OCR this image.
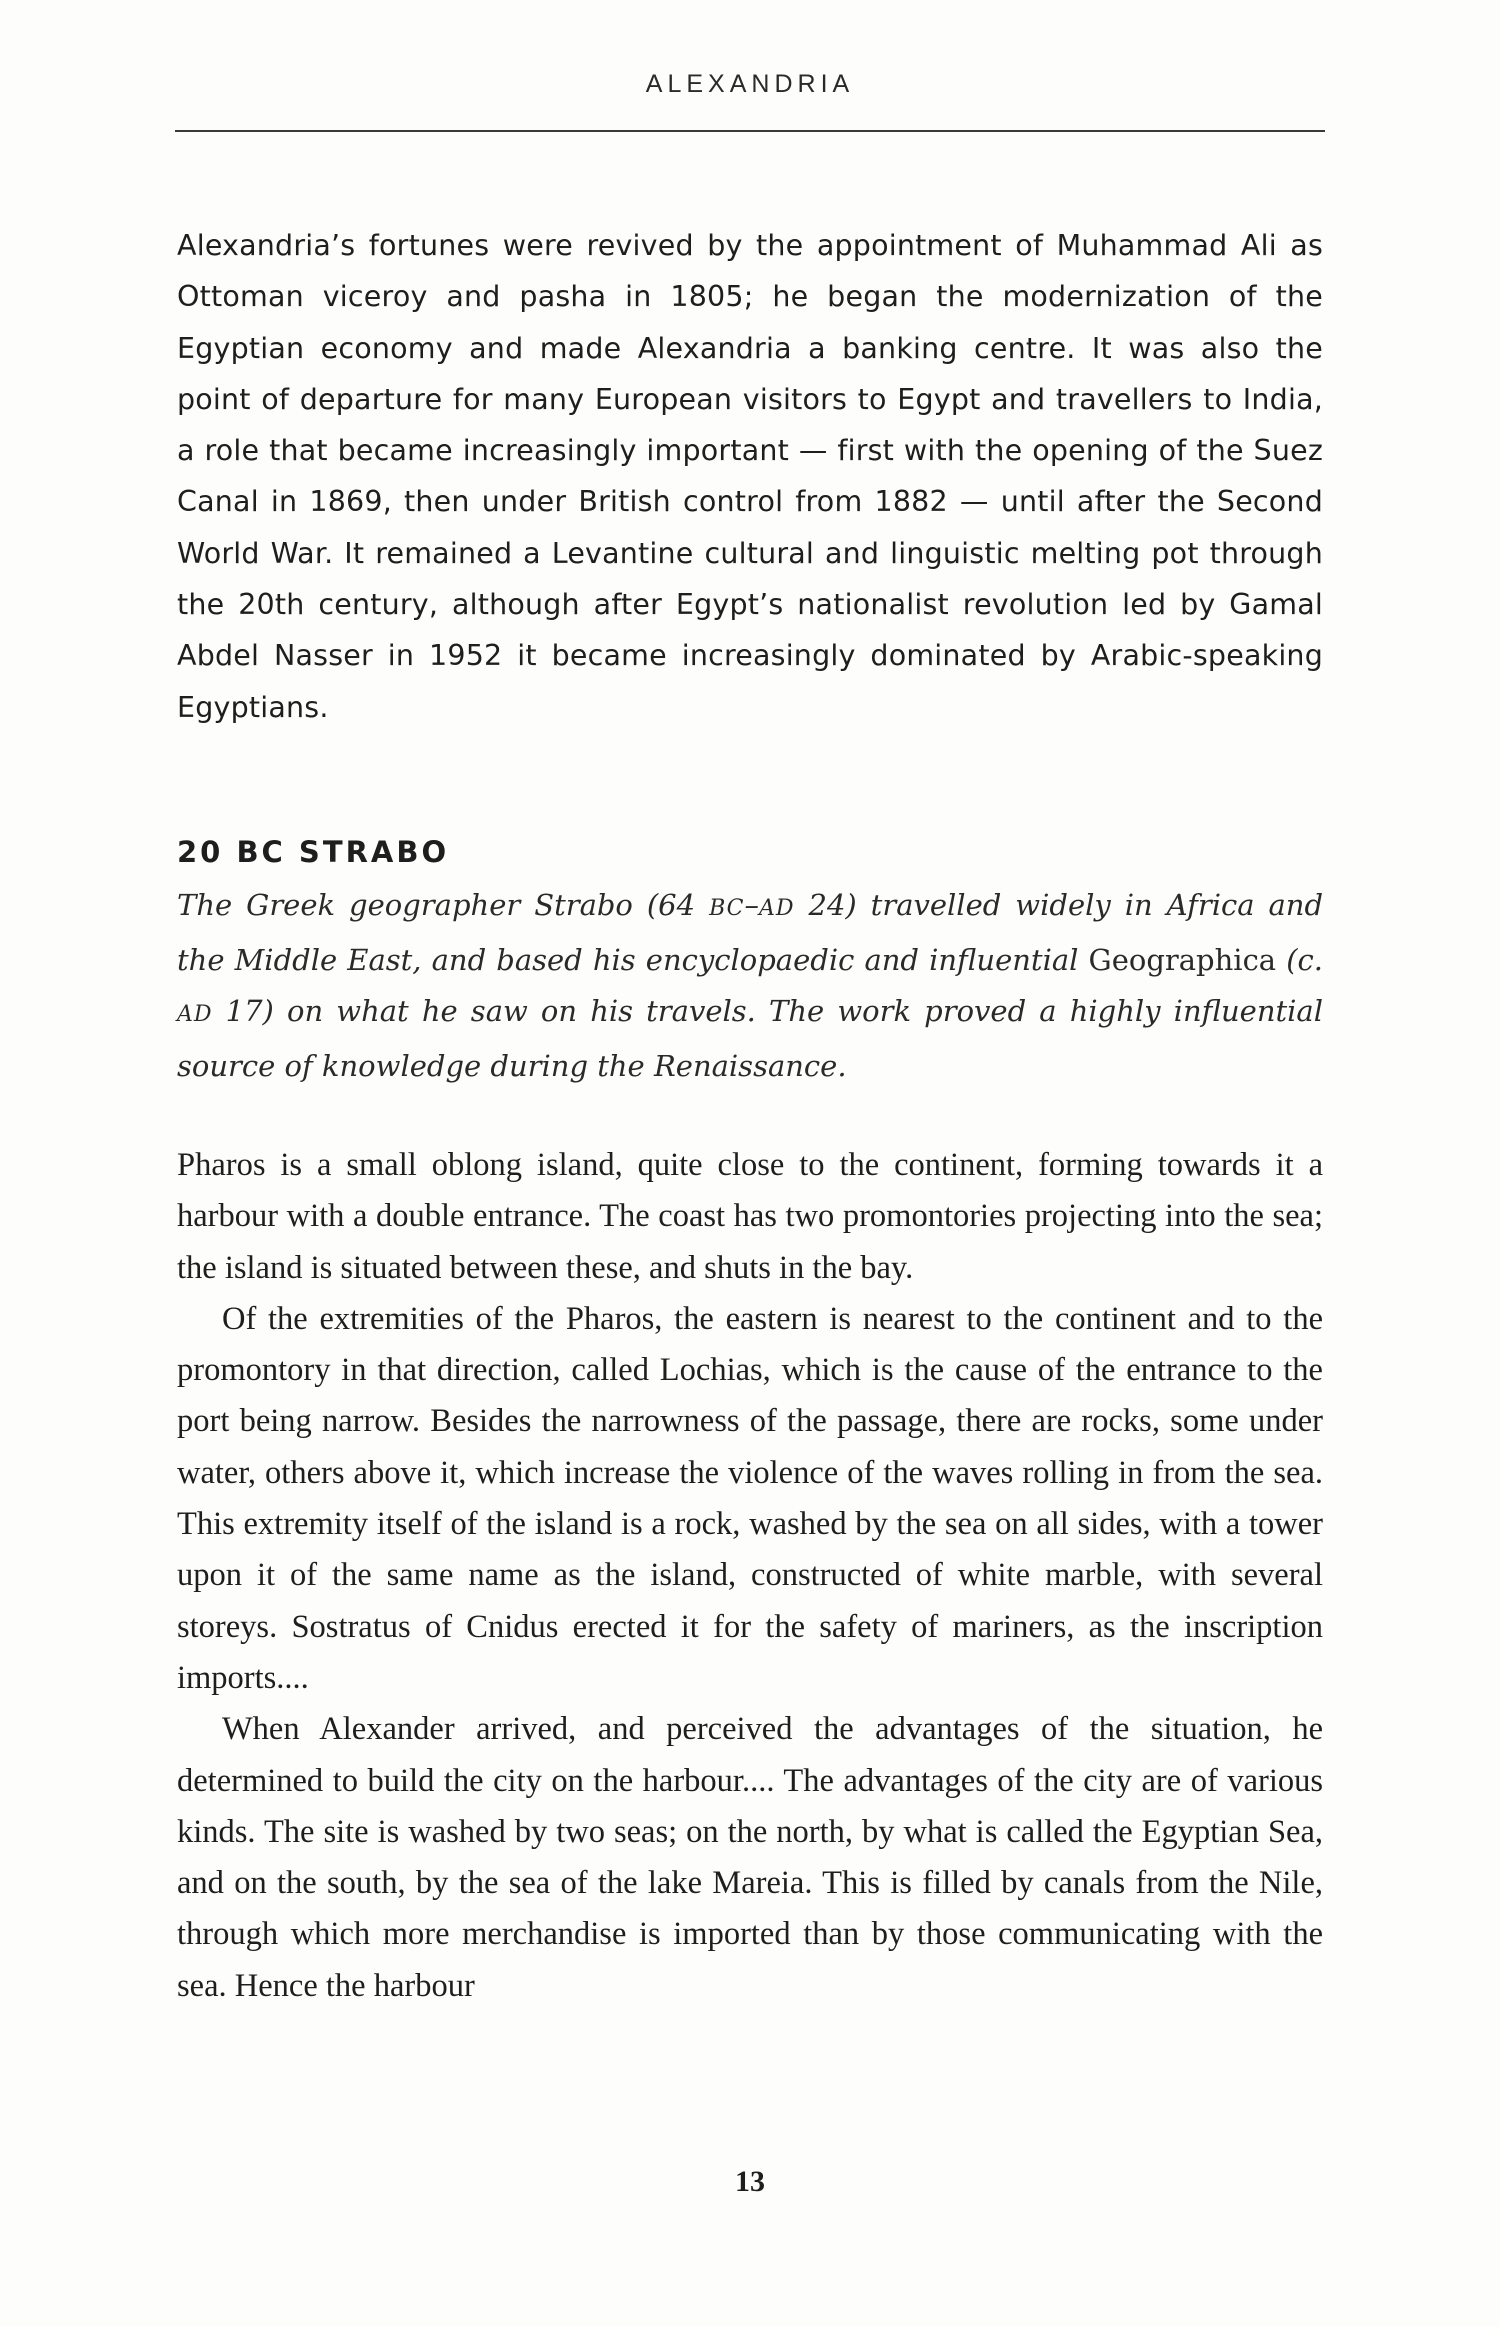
ALEXANDRIA

Alexandria’s fortunes were revived by the appointment of Muhammad Ali as Ottoman viceroy and pasha in 1805; he began the modernization of the Egyptian economy and made Alexandria a banking centre. It was also the point of departure for many European visitors to Egypt and travellers to India, a role that became increasingly important — first with the opening of the Suez Canal in 1869, then under British control from 1882 — until after the Second World War. It remained a Levantine cultural and linguistic melting pot through the 20th century, although after Egypt’s nationalist revolution led by Gamal Abdel Nasser in 1952 it became increasingly dominated by Arabic-speaking Egyptians.

20 BC STRABO

The Greek geographer Strabo (64 BC–AD 24) travelled widely in Africa and the Middle East, and based his encyclopaedic and influential Geographica (c. AD 17) on what he saw on his travels. The work proved a highly influential source of knowledge during the Renaissance.

Pharos is a small oblong island, quite close to the continent, forming towards it a harbour with a double entrance. The coast has two promontories projecting into the sea; the island is situated between these, and shuts in the bay.

Of the extremities of the Pharos, the eastern is nearest to the continent and to the promontory in that direction, called Lochias, which is the cause of the entrance to the port being narrow. Besides the narrowness of the passage, there are rocks, some under water, others above it, which increase the violence of the waves rolling in from the sea. This extremity itself of the island is a rock, washed by the sea on all sides, with a tower upon it of the same name as the island, constructed of white marble, with several storeys. Sostratus of Cnidus erected it for the safety of mariners, as the inscription imports....

When Alexander arrived, and perceived the advantages of the situation, he determined to build the city on the harbour.... The advantages of the city are of various kinds. The site is washed by two seas; on the north, by what is called the Egyptian Sea, and on the south, by the sea of the lake Mareia. This is filled by canals from the Nile, through which more merchandise is imported than by those communicating with the sea. Hence the harbour

13
